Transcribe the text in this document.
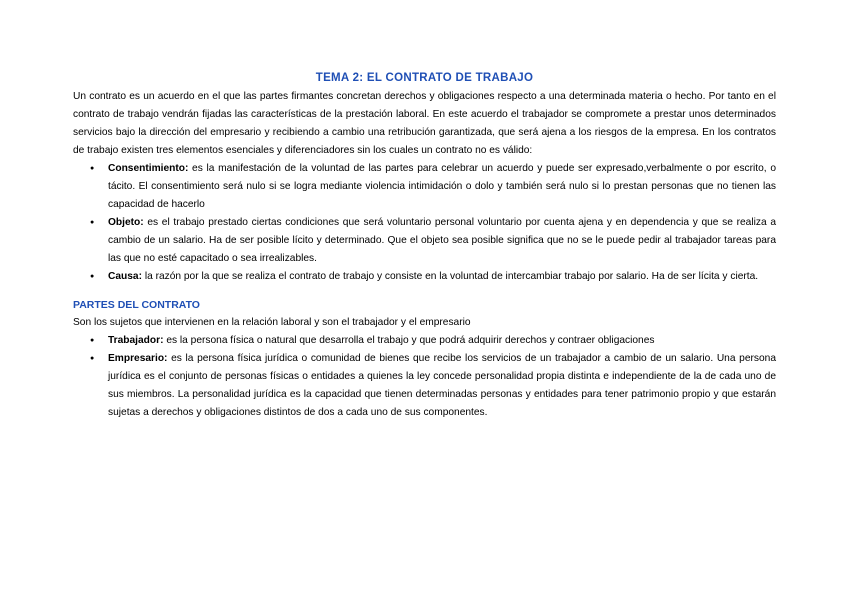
TEMA 2: EL CONTRATO DE TRABAJO

Un contrato es un acuerdo en el que las partes firmantes concretan derechos y obligaciones respecto a una determinada materia o hecho. Por tanto en el contrato de trabajo vendrán fijadas las características de la prestación laboral. En este acuerdo el trabajador se compromete a prestar unos determinados servicios bajo la dirección del empresario y recibiendo a cambio una retribución garantizada, que será ajena a los riesgos de la empresa. En los contratos de trabajo existen tres elementos esenciales y diferenciadores sin los cuales un contrato no es válido:

● Consentimiento: es la manifestación de la voluntad de las partes para celebrar un acuerdo y puede ser expresado,verbalmente o por escrito, o tácito. El consentimiento será nulo si se logra mediante violencia intimidación o dolo y también será nulo si lo prestan personas que no tienen las capacidad de hacerlo
● Objeto: es el trabajo prestado ciertas condiciones que será voluntario personal voluntario por cuenta ajena y en dependencia y que se realiza a cambio de un salario. Ha de ser posible lícito y determinado. Que el objeto sea posible significa que no se le puede pedir al trabajador tareas para las que no esté capacitado o sea irrealizables.
● Causa: la razón por la que se realiza el contrato de trabajo y consiste en la voluntad de intercambiar trabajo por salario. Ha de ser lícita y cierta.
PARTES DEL CONTRATO

Son los sujetos que intervienen en la relación laboral y son el trabajador y el empresario

● Trabajador: es la persona física o natural que desarrolla el trabajo y que podrá adquirir derechos y contraer obligaciones
● Empresario: es la persona física jurídica o comunidad de bienes que recibe los servicios de un trabajador a cambio de un salario. Una persona jurídica es el conjunto de personas físicas o entidades a quienes la ley concede personalidad propia distinta e independiente de la de cada uno de sus miembros. La personalidad jurídica es la capacidad que tienen determinadas personas y entidades para tener patrimonio propio y que estarán sujetas a derechos y obligaciones distintos de dos a cada uno de sus componentes.
